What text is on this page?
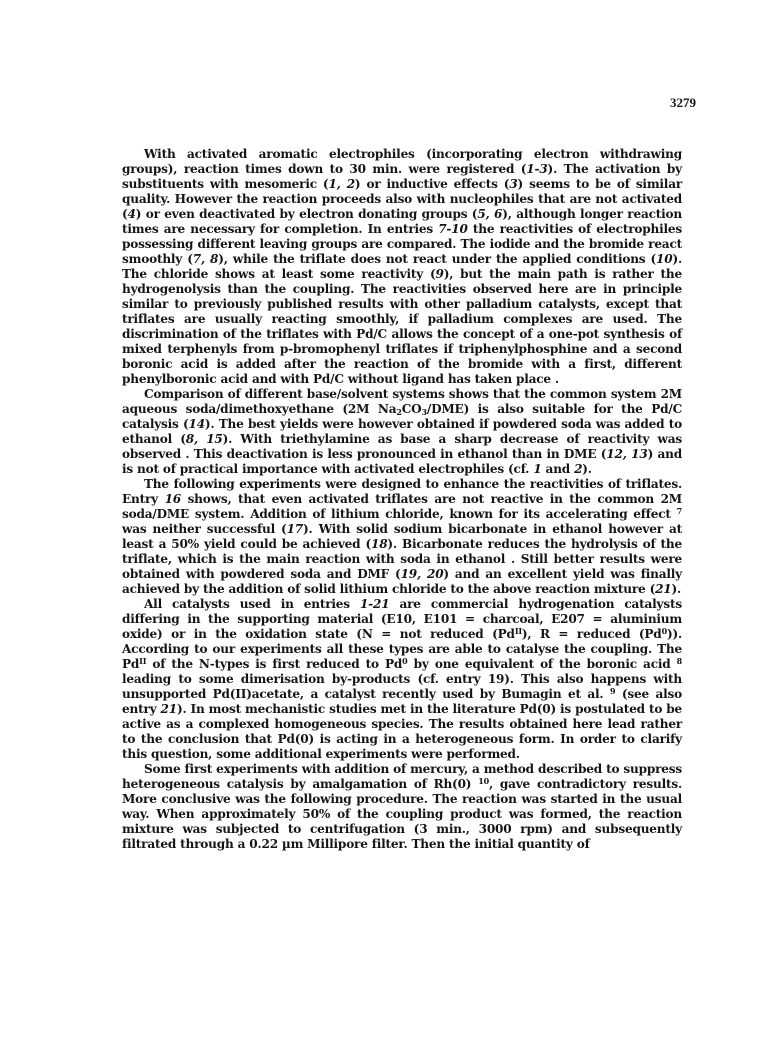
3279

With activated aromatic electrophiles (incorporating electron withdrawing groups), reaction times down to 30 min. were registered (1-3). The activation by substituents with mesomeric (1, 2) or inductive effects (3) seems to be of similar quality. However the reaction proceeds also with nucleophiles that are not activated (4) or even deactivated by electron donating groups (5, 6), although longer reaction times are necessary for completion. In entries 7-10 the reactivities of electrophiles possessing different leaving groups are compared. The iodide and the bromide react smoothly (7, 8), while the triflate does not react under the applied conditions (10). The chloride shows at least some reactivity (9), but the main path is rather the hydrogenolysis than the coupling. The reactivities observed here are in principle similar to previously published results with other palladium catalysts, except that triflates are usually reacting smoothly, if palladium complexes are used. The discrimination of the triflates with Pd/C allows the concept of a one-pot synthesis of mixed terphenyls from p-bromophenyl triflates if triphenylphosphine and a second boronic acid is added after the reaction of the bromide with a first, different phenylboronic acid and with Pd/C without ligand has taken place .

Comparison of different base/solvent systems shows that the common system 2M aqueous soda/dimethoxyethane (2M $Na_2CO_3/DME$) is also suitable for the Pd/C catalysis (14). The best yields were however obtained if powdered soda was added to ethanol (8, 15). With triethylamine as base a sharp decrease of reactivity was observed . This deactivation is less pronounced in ethanol than in DME (12, 13) and is not of practical importance with activated electrophiles (cf. 1 and 2).

The following experiments were designed to enhance the reactivities of triflates. Entry 16 shows, that even activated triflates are not reactive in the common 2M soda/DME system. Addition of lithium chloride, known for its accelerating effect $^7$ was neither successful (17). With solid sodium bicarbonate in ethanol however at least a 50% yield could be achieved (18). Bicarbonate reduces the hydrolysis of the triflate, which is the main reaction with soda in ethanol . Still better results were obtained with powdered soda and DMF (19, 20) and an excellent yield was finally achieved by the addition of solid lithium chloride to the above reaction mixture (21).

All catalysts used in entries 1-21 are commercial hydrogenation catalysts differing in the supporting material (E10, E101 = charcoal, E207 = aluminium oxide) or in the oxidation state (N = not reduced $(Pd^{II})$, R = reduced (Pd$^0$)). According to our experiments all these types are able to catalyse the coupling. The $Pd^{II}$ of the N-types is first reduced to Pd$^0$ by one equivalent of the boronic acid $^8$ leading to some dimerisation by-products (cf. entry 19). This also happens with unsupported Pd(II)acetate, a catalyst recently used by Bumagin et al. $^9$ (see also entry 21). In most mechanistic studies met in the literature Pd(0) is postulated to be active as a complexed homogeneous species. The results obtained here lead rather to the conclusion that Pd(0) is acting in a heterogeneous form. In order to clarify this question, some additional experiments were performed.

Some first experiments with addition of mercury, a method described to suppress heterogeneous catalysis by amalgamation of Rh(0) $^{10}$, gave contradictory results. More conclusive was the following procedure. The reaction was started in the usual way. When approximately 50% of the coupling product was formed, the reaction mixture was subjected to centrifugation (3 min., 3000 rpm) and subsequently filtrated through a 0.22 µm Millipore filter. Then the initial quantity of
